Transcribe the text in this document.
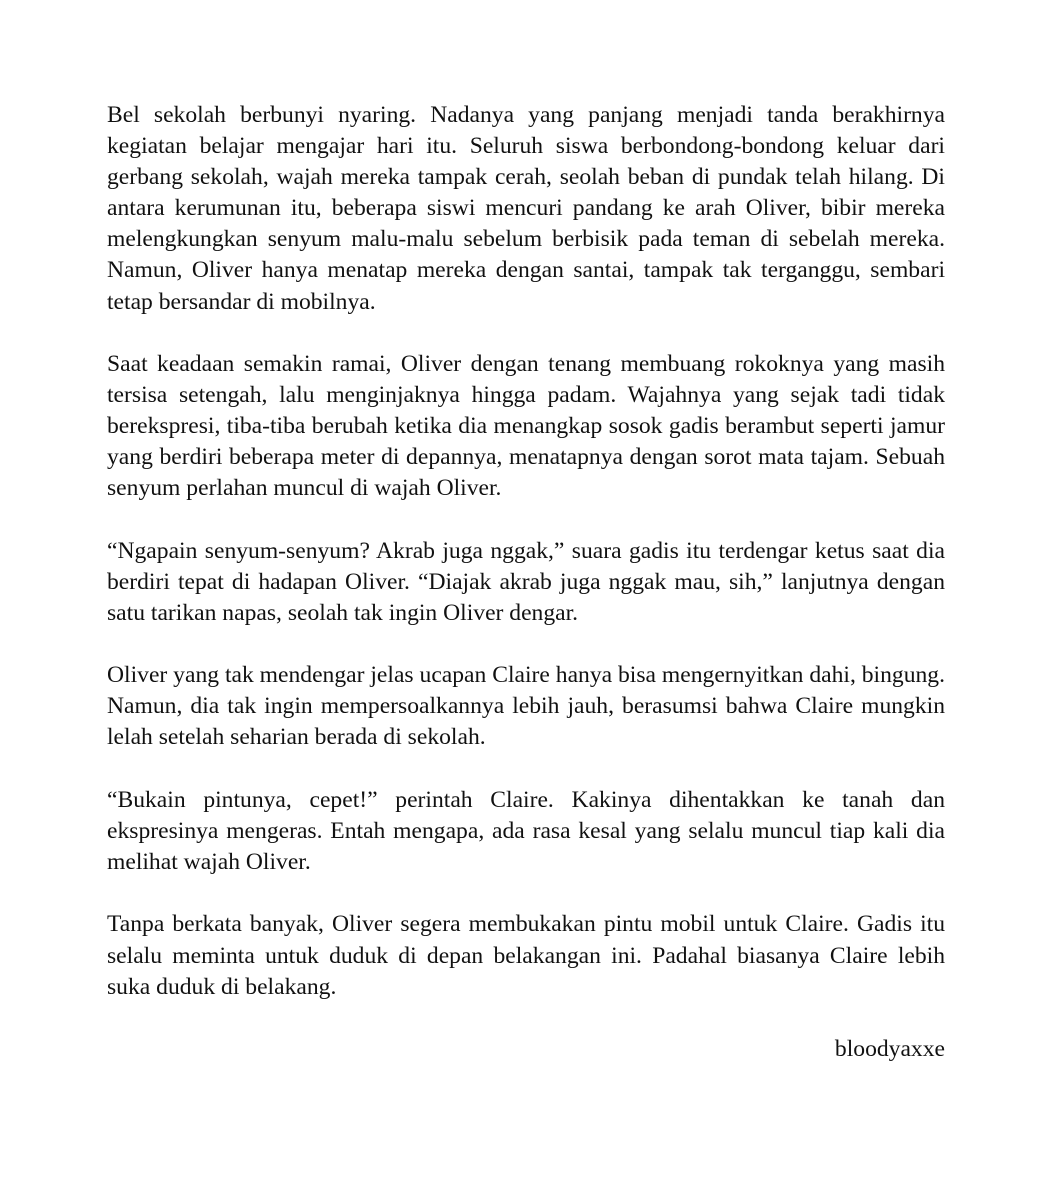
Bel sekolah berbunyi nyaring. Nadanya yang panjang menjadi tanda berakhirnya kegiatan belajar mengajar hari itu. Seluruh siswa berbondong-bondong keluar dari gerbang sekolah, wajah mereka tampak cerah, seolah beban di pundak telah hilang. Di antara kerumunan itu, beberapa siswi mencuri pandang ke arah Oliver, bibir mereka melengkungkan senyum malu-malu sebelum berbisik pada teman di sebelah mereka. Namun, Oliver hanya menatap mereka dengan santai, tampak tak terganggu, sembari tetap bersandar di mobilnya.

Saat keadaan semakin ramai, Oliver dengan tenang membuang rokoknya yang masih tersisa setengah, lalu menginjaknya hingga padam. Wajahnya yang sejak tadi tidak berekspresi, tiba-tiba berubah ketika dia menangkap sosok gadis berambut seperti jamur yang berdiri beberapa meter di depannya, menatapnya dengan sorot mata tajam. Sebuah senyum perlahan muncul di wajah Oliver.

“Ngapain senyum-senyum? Akrab juga nggak,” suara gadis itu terdengar ketus saat dia berdiri tepat di hadapan Oliver. “Diajak akrab juga nggak mau, sih,” lanjutnya dengan satu tarikan napas, seolah tak ingin Oliver dengar.

Oliver yang tak mendengar jelas ucapan Claire hanya bisa mengernyitkan dahi, bingung. Namun, dia tak ingin mempersoalkannya lebih jauh, berasumsi bahwa Claire mungkin lelah setelah seharian berada di sekolah.

“Bukain pintunya, cepet!” perintah Claire. Kakinya dihentakkan ke tanah dan ekspresinya mengeras. Entah mengapa, ada rasa kesal yang selalu muncul tiap kali dia melihat wajah Oliver.

Tanpa berkata banyak, Oliver segera membukakan pintu mobil untuk Claire. Gadis itu selalu meminta untuk duduk di depan belakangan ini. Padahal biasanya Claire lebih suka duduk di belakang.

bloodyaxxe
